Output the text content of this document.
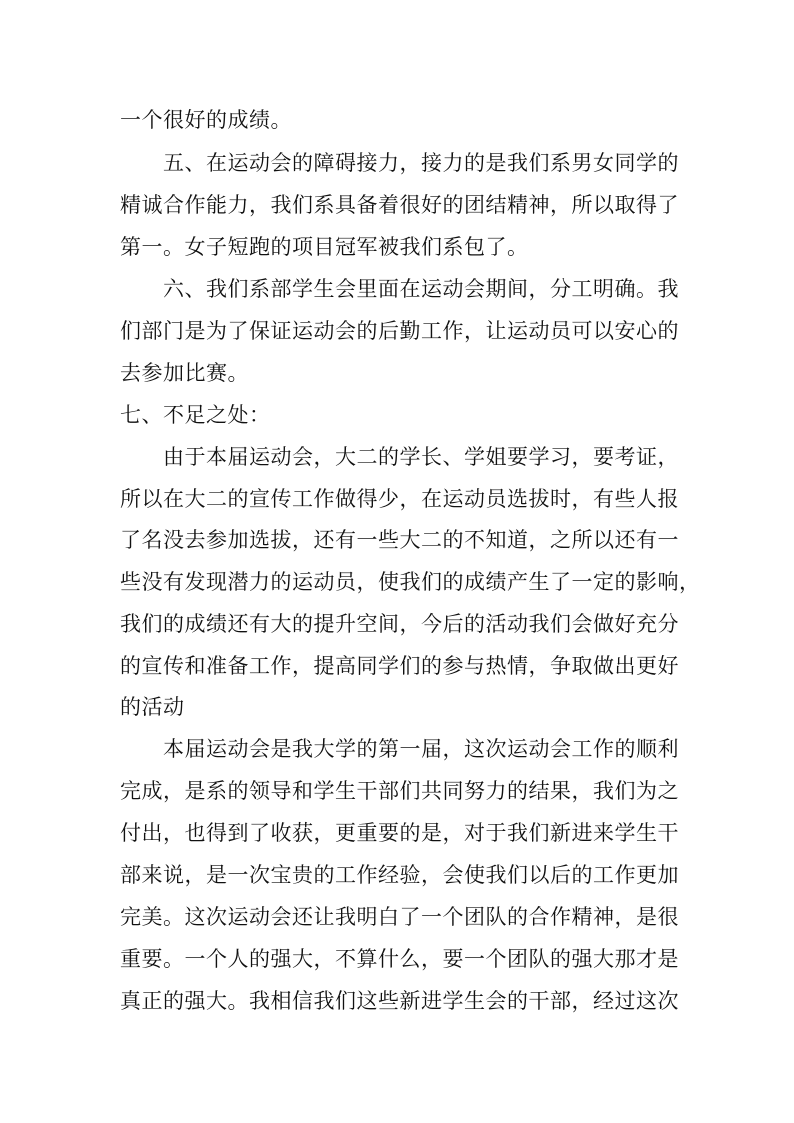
一个很好的成绩。
五、在运动会的障碍接力，接力的是我们系男女同学的
精诚合作能力，我们系具备着很好的团结精神，所以取得了
第一。女子短跑的项目冠军被我们系包了。
六、我们系部学生会里面在运动会期间，分工明确。我
们部门是为了保证运动会的后勤工作，让运动员可以安心的
去参加比赛。
七、不足之处：
由于本届运动会，大二的学长、学姐要学习，要考证，
所以在大二的宣传工作做得少，在运动员选拔时，有些人报
了名没去参加选拔，还有一些大二的不知道，之所以还有一
些没有发现潜力的运动员，使我们的成绩产生了一定的影响，
我们的成绩还有大的提升空间，今后的活动我们会做好充分
的宣传和准备工作，提高同学们的参与热情，争取做出更好
的活动
本届运动会是我大学的第一届，这次运动会工作的顺利
完成，是系的领导和学生干部们共同努力的结果，我们为之
付出，也得到了收获，更重要的是，对于我们新进来学生干
部来说，是一次宝贵的工作经验，会使我们以后的工作更加
完美。这次运动会还让我明白了一个团队的合作精神，是很
重要。一个人的强大，不算什么，要一个团队的强大那才是
真正的强大。我相信我们这些新进学生会的干部，经过这次
